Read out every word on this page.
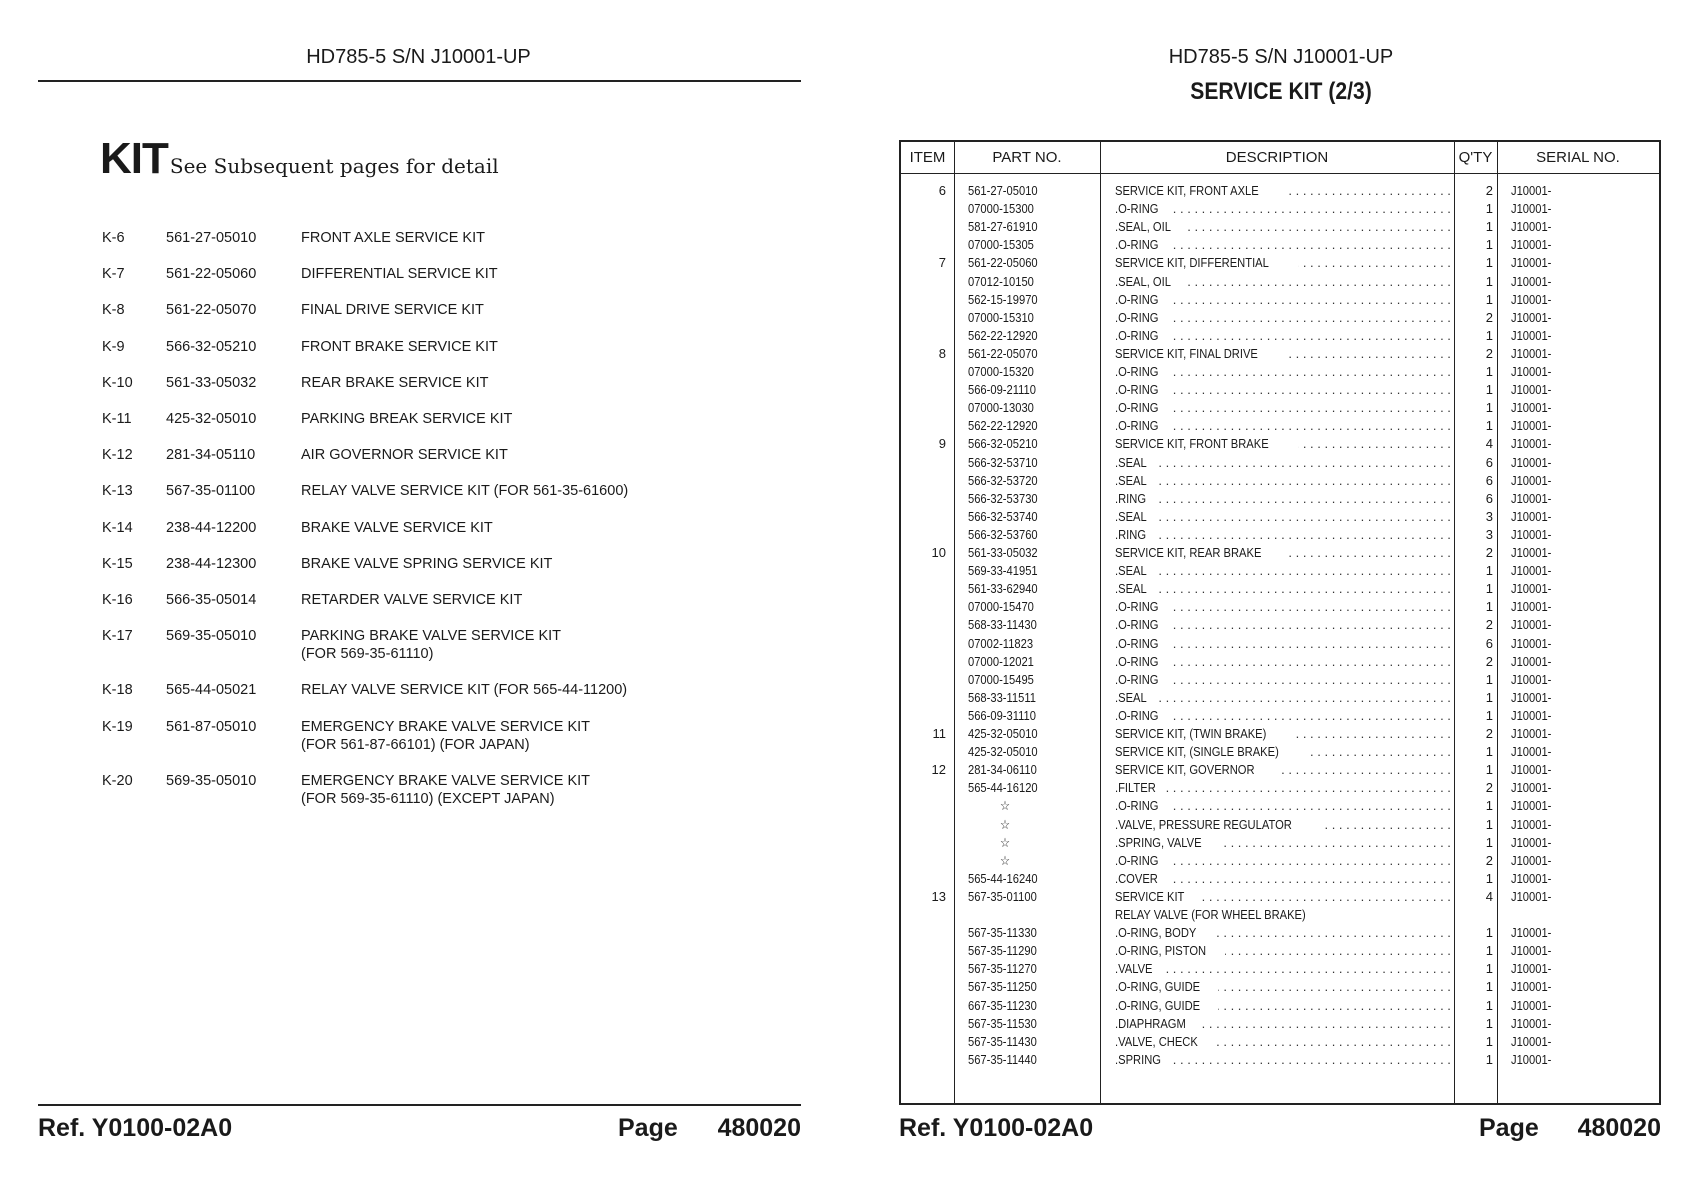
HD785-5 S/N J10001-UP
KIT See Subsequent pages for detail
K-6	561-27-05010	FRONT AXLE SERVICE KIT
K-7	561-22-05060	DIFFERENTIAL SERVICE KIT
K-8	561-22-05070	FINAL DRIVE SERVICE KIT
K-9	566-32-05210	FRONT BRAKE SERVICE KIT
K-10	561-33-05032	REAR BRAKE SERVICE KIT
K-11	425-32-05010	PARKING BREAK SERVICE KIT
K-12	281-34-05110	AIR GOVERNOR SERVICE KIT
K-13	567-35-01100	RELAY VALVE SERVICE KIT (FOR 561-35-61600)
K-14	238-44-12200	BRAKE VALVE SERVICE KIT
K-15	238-44-12300	BRAKE VALVE SPRING SERVICE KIT
K-16	566-35-05014	RETARDER VALVE SERVICE KIT
K-17	569-35-05010	PARKING BRAKE VALVE SERVICE KIT
(FOR 569-35-61110)
K-18	565-44-05021	RELAY VALVE SERVICE KIT (FOR 565-44-11200)
K-19	561-87-05010	EMERGENCY BRAKE VALVE SERVICE KIT
(FOR 561-87-66101) (FOR JAPAN)
K-20	569-35-05010	EMERGENCY BRAKE VALVE SERVICE KIT
(FOR 569-35-61110) (EXCEPT JAPAN)
Ref. Y0100-02A0	Page 480020
HD785-5 S/N J10001-UP
SERVICE KIT (2/3)
ITEM	PART NO.	DESCRIPTION	Q'TY	SERIAL NO.
6 561-27-05010	SERVICE KIT, FRONT AXLE . . .	2 J10001-
07000-15300	.O-RING . . .	1 J10001-
581-27-61910	.SEAL, OIL . . .	1 J10001-
07000-15305	.O-RING . . .	1 J10001-
7 561-22-05060	SERVICE KIT, DIFFERENTIAL . . .	1 J10001-
07012-10150	.SEAL, OIL . . .	1 J10001-
562-15-19970	.O-RING . . .	1 J10001-
07000-15310	.O-RING . . .	2 J10001-
562-22-12920	.O-RING . . .	1 J10001-
8 561-22-05070	SERVICE KIT, FINAL DRIVE . . .	2 J10001-
07000-15320	.O-RING . . .	1 J10001-
566-09-21110	.O-RING . . .	1 J10001-
07000-13030	.O-RING . . .	1 J10001-
562-22-12920	.O-RING . . .	1 J10001-
9 566-32-05210	SERVICE KIT, FRONT BRAKE . . .	4 J10001-
566-32-53710	.SEAL . . .	6 J10001-
566-32-53720	.SEAL . . .	6 J10001-
566-32-53730	.RING . . .	6 J10001-
566-32-53740	.SEAL . . .	3 J10001-
566-32-53760	.RING . . .	3 J10001-
10 561-33-05032	SERVICE KIT, REAR BRAKE . . .	2 J10001-
569-33-41951	.SEAL . . .	1 J10001-
561-33-62940	.SEAL . . .	1 J10001-
07000-15470	.O-RING . . .	1 J10001-
568-33-11430	.O-RING . . .	2 J10001-
07002-11823	.O-RING . . .	6 J10001-
07000-12021	.O-RING . . .	2 J10001-
07000-15495	.O-RING . . .	1 J10001-
568-33-11511	.SEAL . . .	1 J10001-
566-09-31110	.O-RING . . .	1 J10001-
11 425-32-05010	SERVICE KIT, (TWIN BRAKE) . . .	2 J10001-
425-32-05010	SERVICE KIT, (SINGLE BRAKE) . . .	1 J10001-
12 281-34-06110	SERVICE KIT, GOVERNOR . . .	1 J10001-
565-44-16120	.FILTER . . .	2 J10001-
☆	.O-RING . . .	1 J10001-
☆	.VALVE, PRESSURE REGULATOR . . .	1 J10001-
☆	.SPRING, VALVE . . .	1 J10001-
☆	.O-RING . . .	2 J10001-
565-44-16240	.COVER . . .	1 J10001-
13 567-35-01100	SERVICE KIT . . .	4 J10001-
RELAY VALVE (FOR WHEEL BRAKE)
567-35-11330	.O-RING, BODY . . .	1 J10001-
567-35-11290	.O-RING, PISTON . . .	1 J10001-
567-35-11270	.VALVE . . .	1 J10001-
567-35-11250	.O-RING, GUIDE . . .	1 J10001-
667-35-11230	.O-RING, GUIDE . . .	1 J10001-
567-35-11530	.DIAPHRAGM . . .	1 J10001-
567-35-11430	.VALVE, CHECK . . .	1 J10001-
567-35-11440	.SPRING . . .	1 J10001-
Ref. Y0100-02A0	Page 480020
